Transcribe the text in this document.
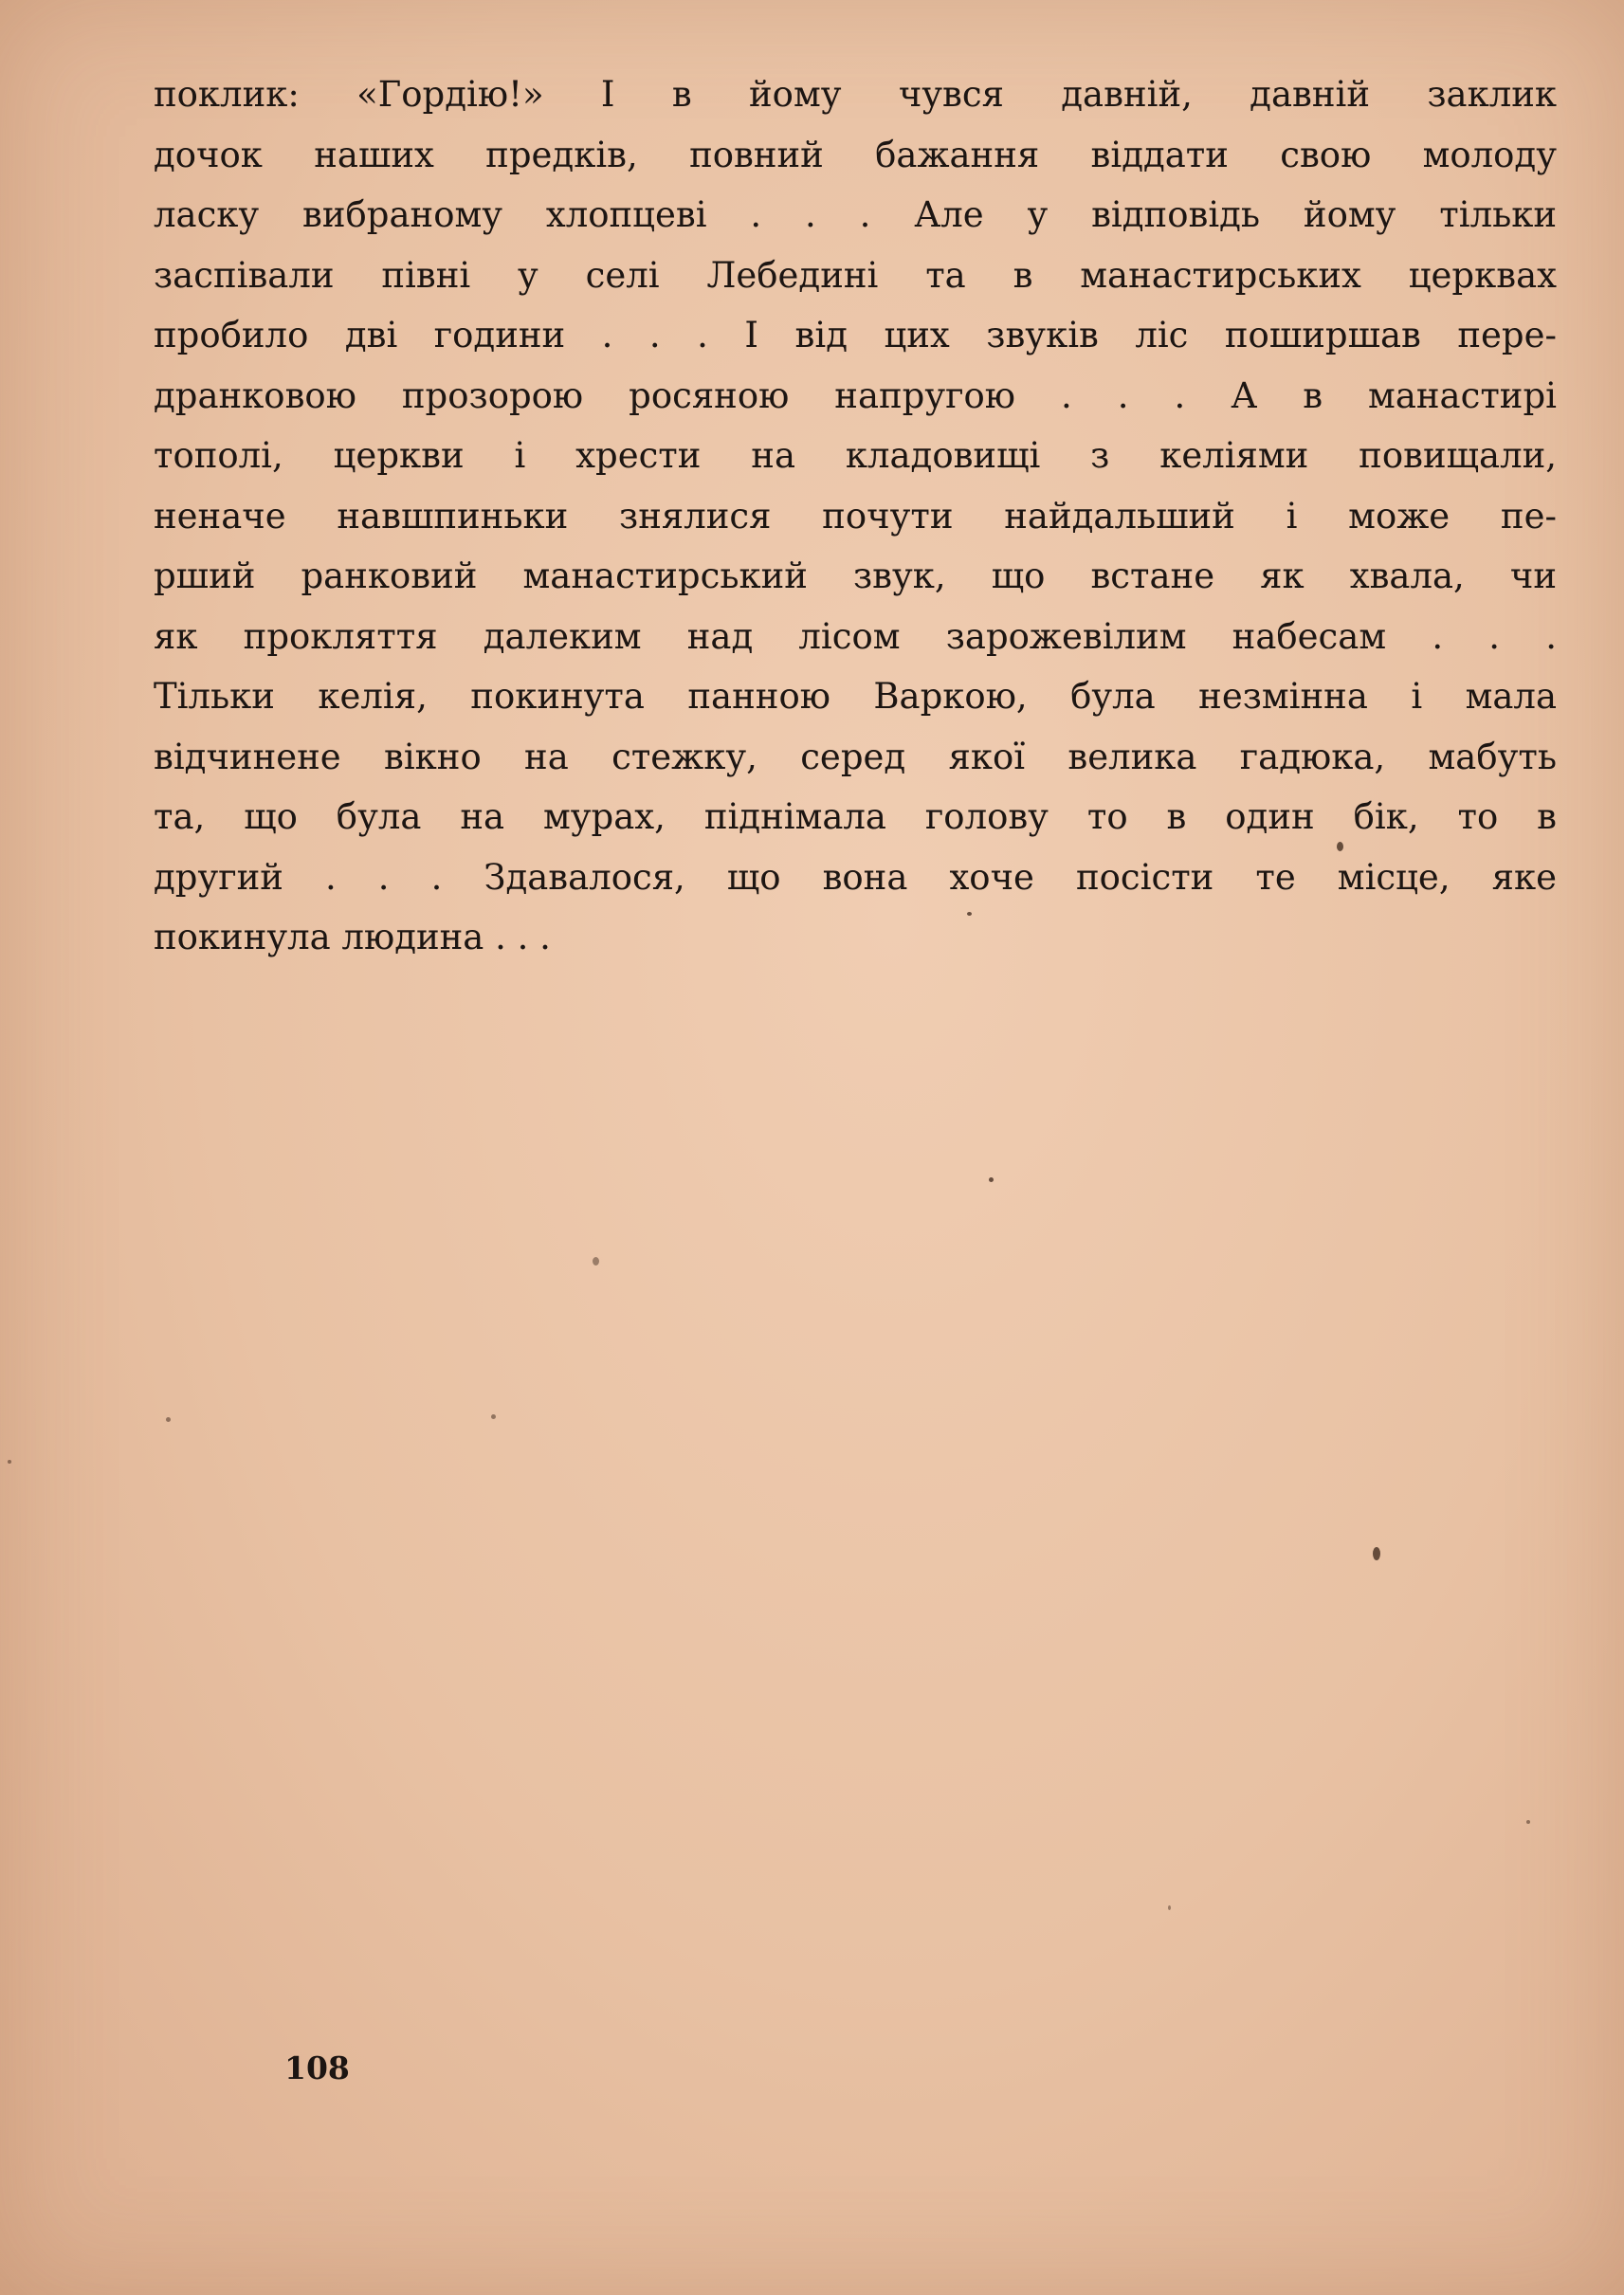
поклик: «Гордію!» І в йому чувся давній, давній заклик

дочок наших предків, повний бажання віддати свою молоду

ласку вибраному хлопцеві . . . Але у відповідь йому тільки

заспівали півні у селі Лебедині та в манастирських церквах

пробило дві години . . . І від цих звуків ліс поширшав пере-

дранковою прозорою росяною напругою . . . А в манастирі

тополі, церкви і хрести на кладовищі з келіями повищали,

неначе навшпиньки знялися почути найдальший і може пе-

рший ранковий манастирський звук, що встане як хвала, чи

як прокляття далеким над лісом зарожевілим набесам . . .

Тільки келія, покинута панною Варкою, була незмінна і мала

відчинене вікно на стежку, серед якої велика гадюка, мабуть

та, що була на мурах, піднімала голову то в один бік, то в

другий . . . Здавалося, що вона хоче посісти те місце, яке

покинула людина . . .

108
